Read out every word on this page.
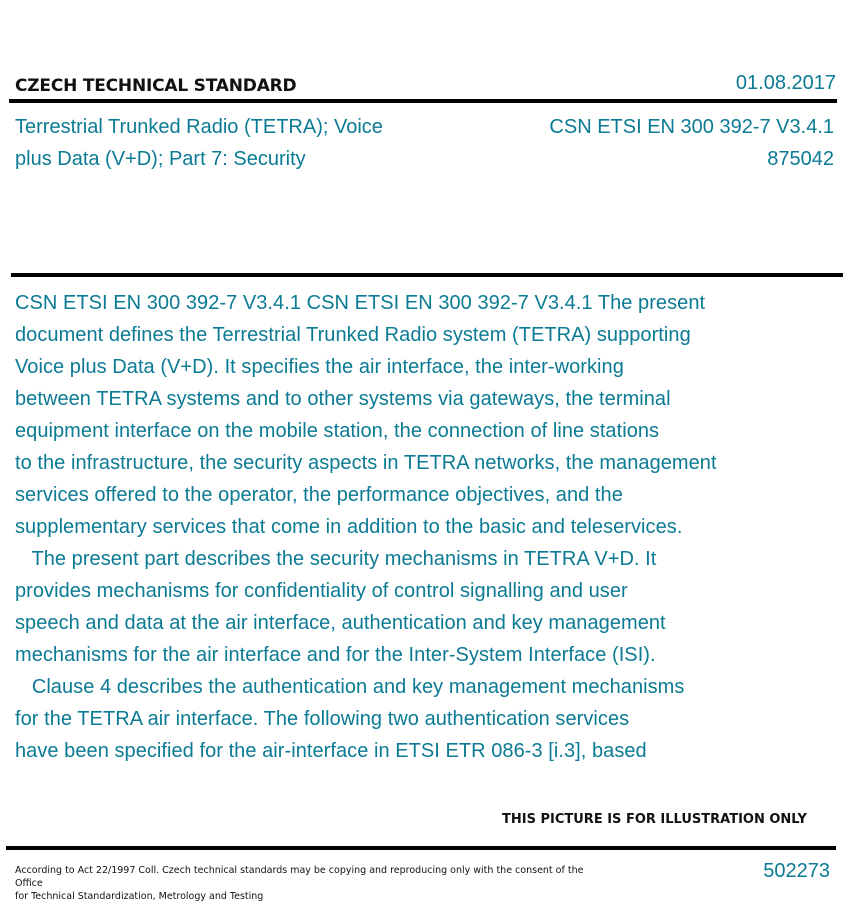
CZECH TECHNICAL STANDARD	01.08.2017
Terrestrial Trunked Radio (TETRA); Voice
plus Data (V+D); Part 7: Security
CSN ETSI EN 300 392-7 V3.4.1
875042
CSN ETSI EN 300 392-7 V3.4.1 CSN ETSI EN 300 392-7 V3.4.1 The present
document defines the Terrestrial Trunked Radio system (TETRA) supporting
Voice plus Data (V+D). It specifies the air interface, the inter-working
between TETRA systems and to other systems via gateways, the terminal
equipment interface on the mobile station, the connection of line stations
to the infrastructure, the security aspects in TETRA networks, the management
services offered to the operator, the performance objectives, and the
supplementary services that come in addition to the basic and teleservices.
The present part describes the security mechanisms in TETRA V+D. It
provides mechanisms for confidentiality of control signalling and user
speech and data at the air interface, authentication and key management
mechanisms for the air interface and for the Inter-System Interface (ISI).
Clause 4 describes the authentication and key management mechanisms
for the TETRA air interface. The following two authentication services
have been specified for the air-interface in ETSI ETR 086-3 [i.3], based
THIS PICTURE IS FOR ILLUSTRATION ONLY
According to Act 22/1997 Coll. Czech technical standards may be copying and reproducing only with the consent of the Office
for Technical Standardization, Metrology and Testing
502273
